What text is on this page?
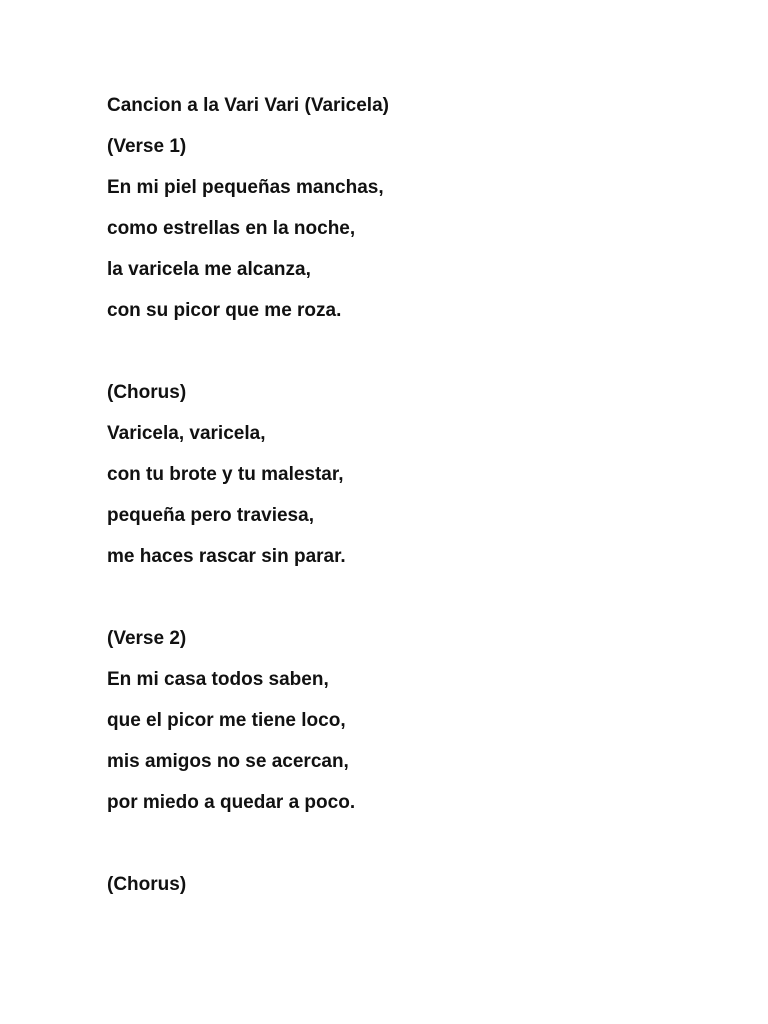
Cancion a la Vari Vari (Varicela)
(Verse 1)
En mi piel pequeñas manchas,
como estrellas en la noche,
la varicela me alcanza,
con su picor que me roza.
(Chorus)
Varicela, varicela,
con tu brote y tu malestar,
pequeña pero traviesa,
me haces rascar sin parar.
(Verse 2)
En mi casa todos saben,
que el picor me tiene loco,
mis amigos no se acercan,
por miedo a quedar a poco.
(Chorus)
